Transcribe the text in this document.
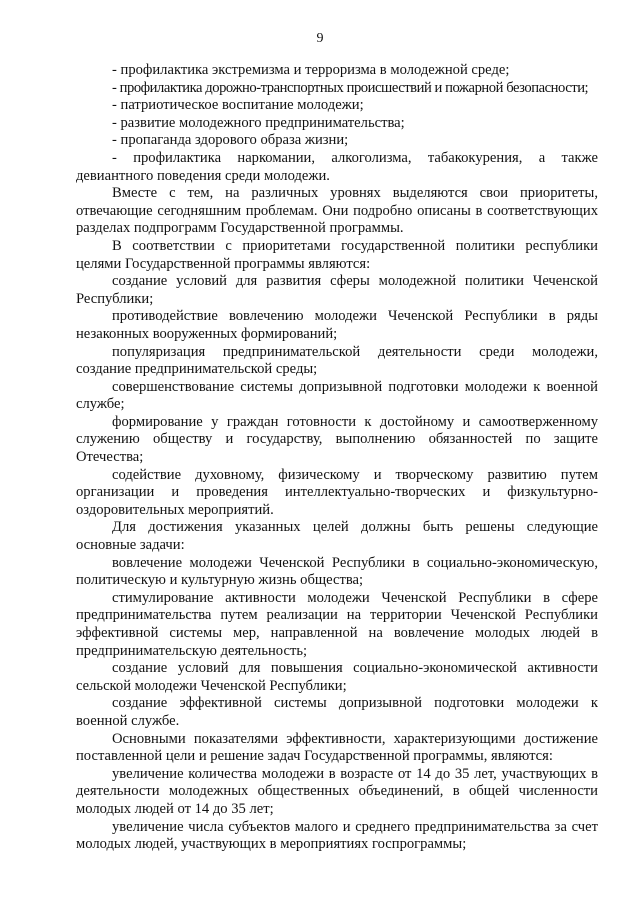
9

- профилактика экстремизма и терроризма в молодежной среде;

- профилактика дорожно-транспортных происшествий и пожарной безопасности;

- патриотическое воспитание молодежи;

- развитие молодежного предпринимательства;

- пропаганда здорового образа жизни;

- профилактика наркомании, алкоголизма, табакокурения, а также девиантного поведения среди молодежи.

Вместе с тем, на различных уровнях выделяются свои приоритеты, отвечающие сегодняшним проблемам. Они подробно описаны в соответствующих разделах подпрограмм Государственной программы.

В соответствии с приоритетами государственной политики республики целями Государственной программы являются:

создание условий для развития сферы молодежной политики Чеченской Республики;

противодействие вовлечению молодежи Чеченской Республики в ряды незаконных вооруженных формирований;

популяризация предпринимательской деятельности среди молодежи, создание предпринимательской среды;

совершенствование системы допризывной подготовки молодежи к военной службе;

формирование у граждан готовности к достойному и самоотверженному служению обществу и государству, выполнению обязанностей по защите Отечества;

содействие духовному, физическому и творческому развитию путем организации и проведения интеллектуально-творческих и физкультурно-оздоровительных мероприятий.

Для достижения указанных целей должны быть решены следующие основные задачи:

вовлечение молодежи Чеченской Республики в социально-экономическую, политическую и культурную жизнь общества;

стимулирование активности молодежи Чеченской Республики в сфере предпринимательства путем реализации на территории Чеченской Республики эффективной системы мер, направленной на вовлечение молодых людей в предпринимательскую деятельность;

создание условий для повышения социально-экономической активности сельской молодежи Чеченской Республики;

создание эффективной системы допризывной подготовки молодежи к военной службе.

Основными показателями эффективности, характеризующими достижение поставленной цели и решение задач Государственной программы, являются:

увеличение количества молодежи в возрасте от 14 до 35 лет, участвующих в деятельности молодежных общественных объединений, в общей численности молодых людей от 14 до 35 лет;

увеличение числа субъектов малого и среднего предпринимательства за счет молодых людей, участвующих в мероприятиях госпрограммы;
